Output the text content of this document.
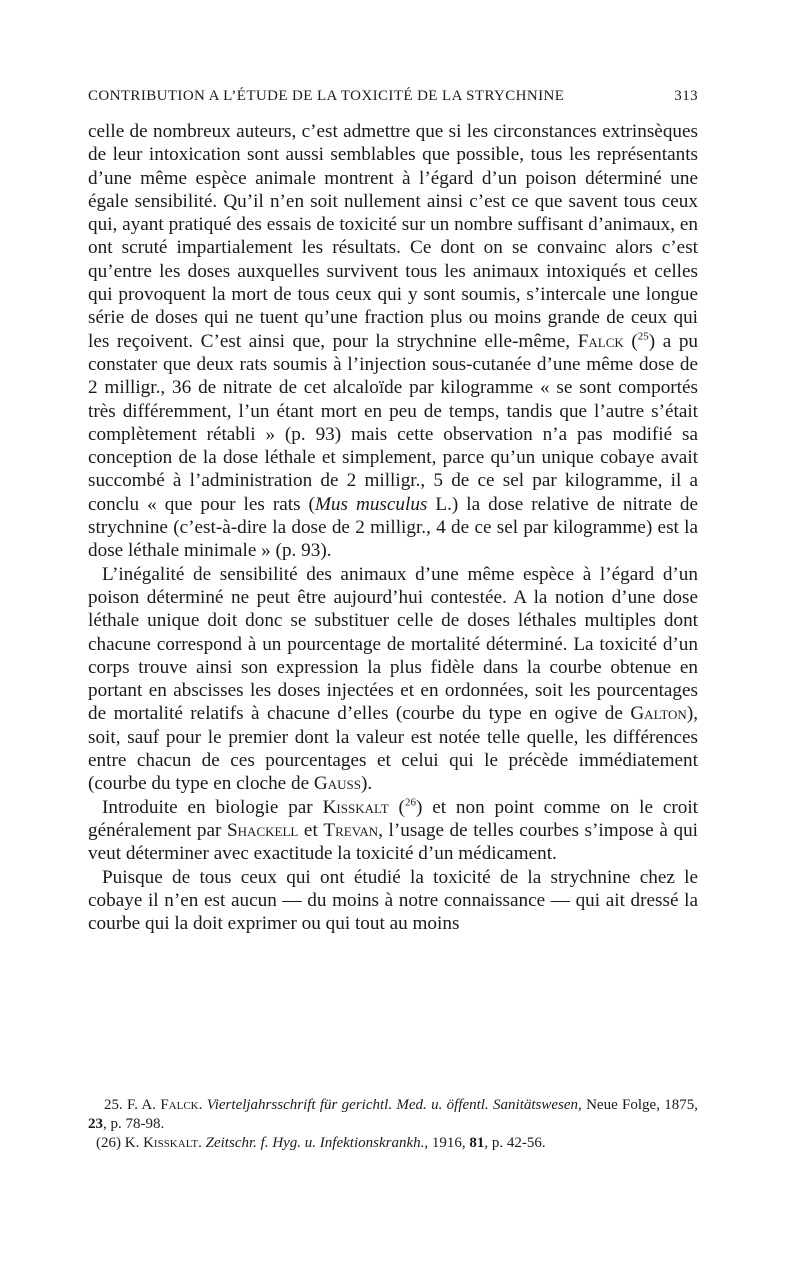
CONTRIBUTION A L’ÉTUDE DE LA TOXICITÉ DE LA STRYCHNINE	313

celle de nombreux auteurs, c’est admettre que si les circonstances extrinsèques de leur intoxication sont aussi semblables que possible, tous les représentants d’une même espèce animale montrent à l’égard d’un poison déterminé une égale sensibilité. Qu’il n’en soit nullement ainsi c’est ce que savent tous ceux qui, ayant pratiqué des essais de toxicité sur un nombre suffisant d’animaux, en ont scruté impartialement les résultats. Ce dont on se convainc alors c’est qu’entre les doses auxquelles survivent tous les animaux intoxiqués et celles qui provoquent la mort de tous ceux qui y sont soumis, s’intercale une longue série de doses qui ne tuent qu’une fraction plus ou moins grande de ceux qui les reçoivent. C’est ainsi que, pour la strychnine elle-même, Falck ($^{25}$) a pu constater que deux rats soumis à l’injection sous-cutanée d’une même dose de 2 milligr., 36 de nitrate de cet alcaloïde par kilogramme « se sont comportés très différemment, l’un étant mort en peu de temps, tandis que l’autre s’était complètement rétabli » (p. 93) mais cette observation n’a pas modifié sa conception de la dose léthale et simplement, parce qu’un unique cobaye avait succombé à l’administration de 2 milligr., 5 de ce sel par kilogramme, il a conclu « que pour les rats (Mus musculus L.) la dose relative de nitrate de strychnine (c’est-à-dire la dose de 2 milligr., 4 de ce sel par kilogramme) est la dose léthale minimale » (p. 93).

L’inégalité de sensibilité des animaux d’une même espèce à l’égard d’un poison déterminé ne peut être aujourd’hui contestée. A la notion d’une dose léthale unique doit donc se substituer celle de doses léthales multiples dont chacune correspond à un pourcentage de mortalité déterminé. La toxicité d’un corps trouve ainsi son expression la plus fidèle dans la courbe obtenue en portant en abscisses les doses injectées et en ordonnées, soit les pourcentages de mortalité relatifs à chacune d’elles (courbe du type en ogive de Galton), soit, sauf pour le premier dont la valeur est notée telle quelle, les différences entre chacun de ces pourcentages et celui qui le précède immédiatement (courbe du type en cloche de Gauss).

Introduite en biologie par Kisskalt ($^{26}$) et non point comme on le croit généralement par Shackell et Trevan, l’usage de telles courbes s’impose à qui veut déterminer avec exactitude la toxicité d’un médicament.

Puisque de tous ceux qui ont étudié la toxicité de la strychnine chez le cobaye il n’en est aucun — du moins à notre connaissance — qui ait dressé la courbe qui la doit exprimer ou qui tout au moins

25. F. A. Falck. Vierteljahrsschrift für gerichtl. Med. u. öffentl. Sanitätswesen, Neue Folge, 1875, 23, p. 78-98.

(26) K. Kisskalt. Zeitschr. f. Hyg. u. Infektionskrankh., 1916, 81, p. 42-56.
